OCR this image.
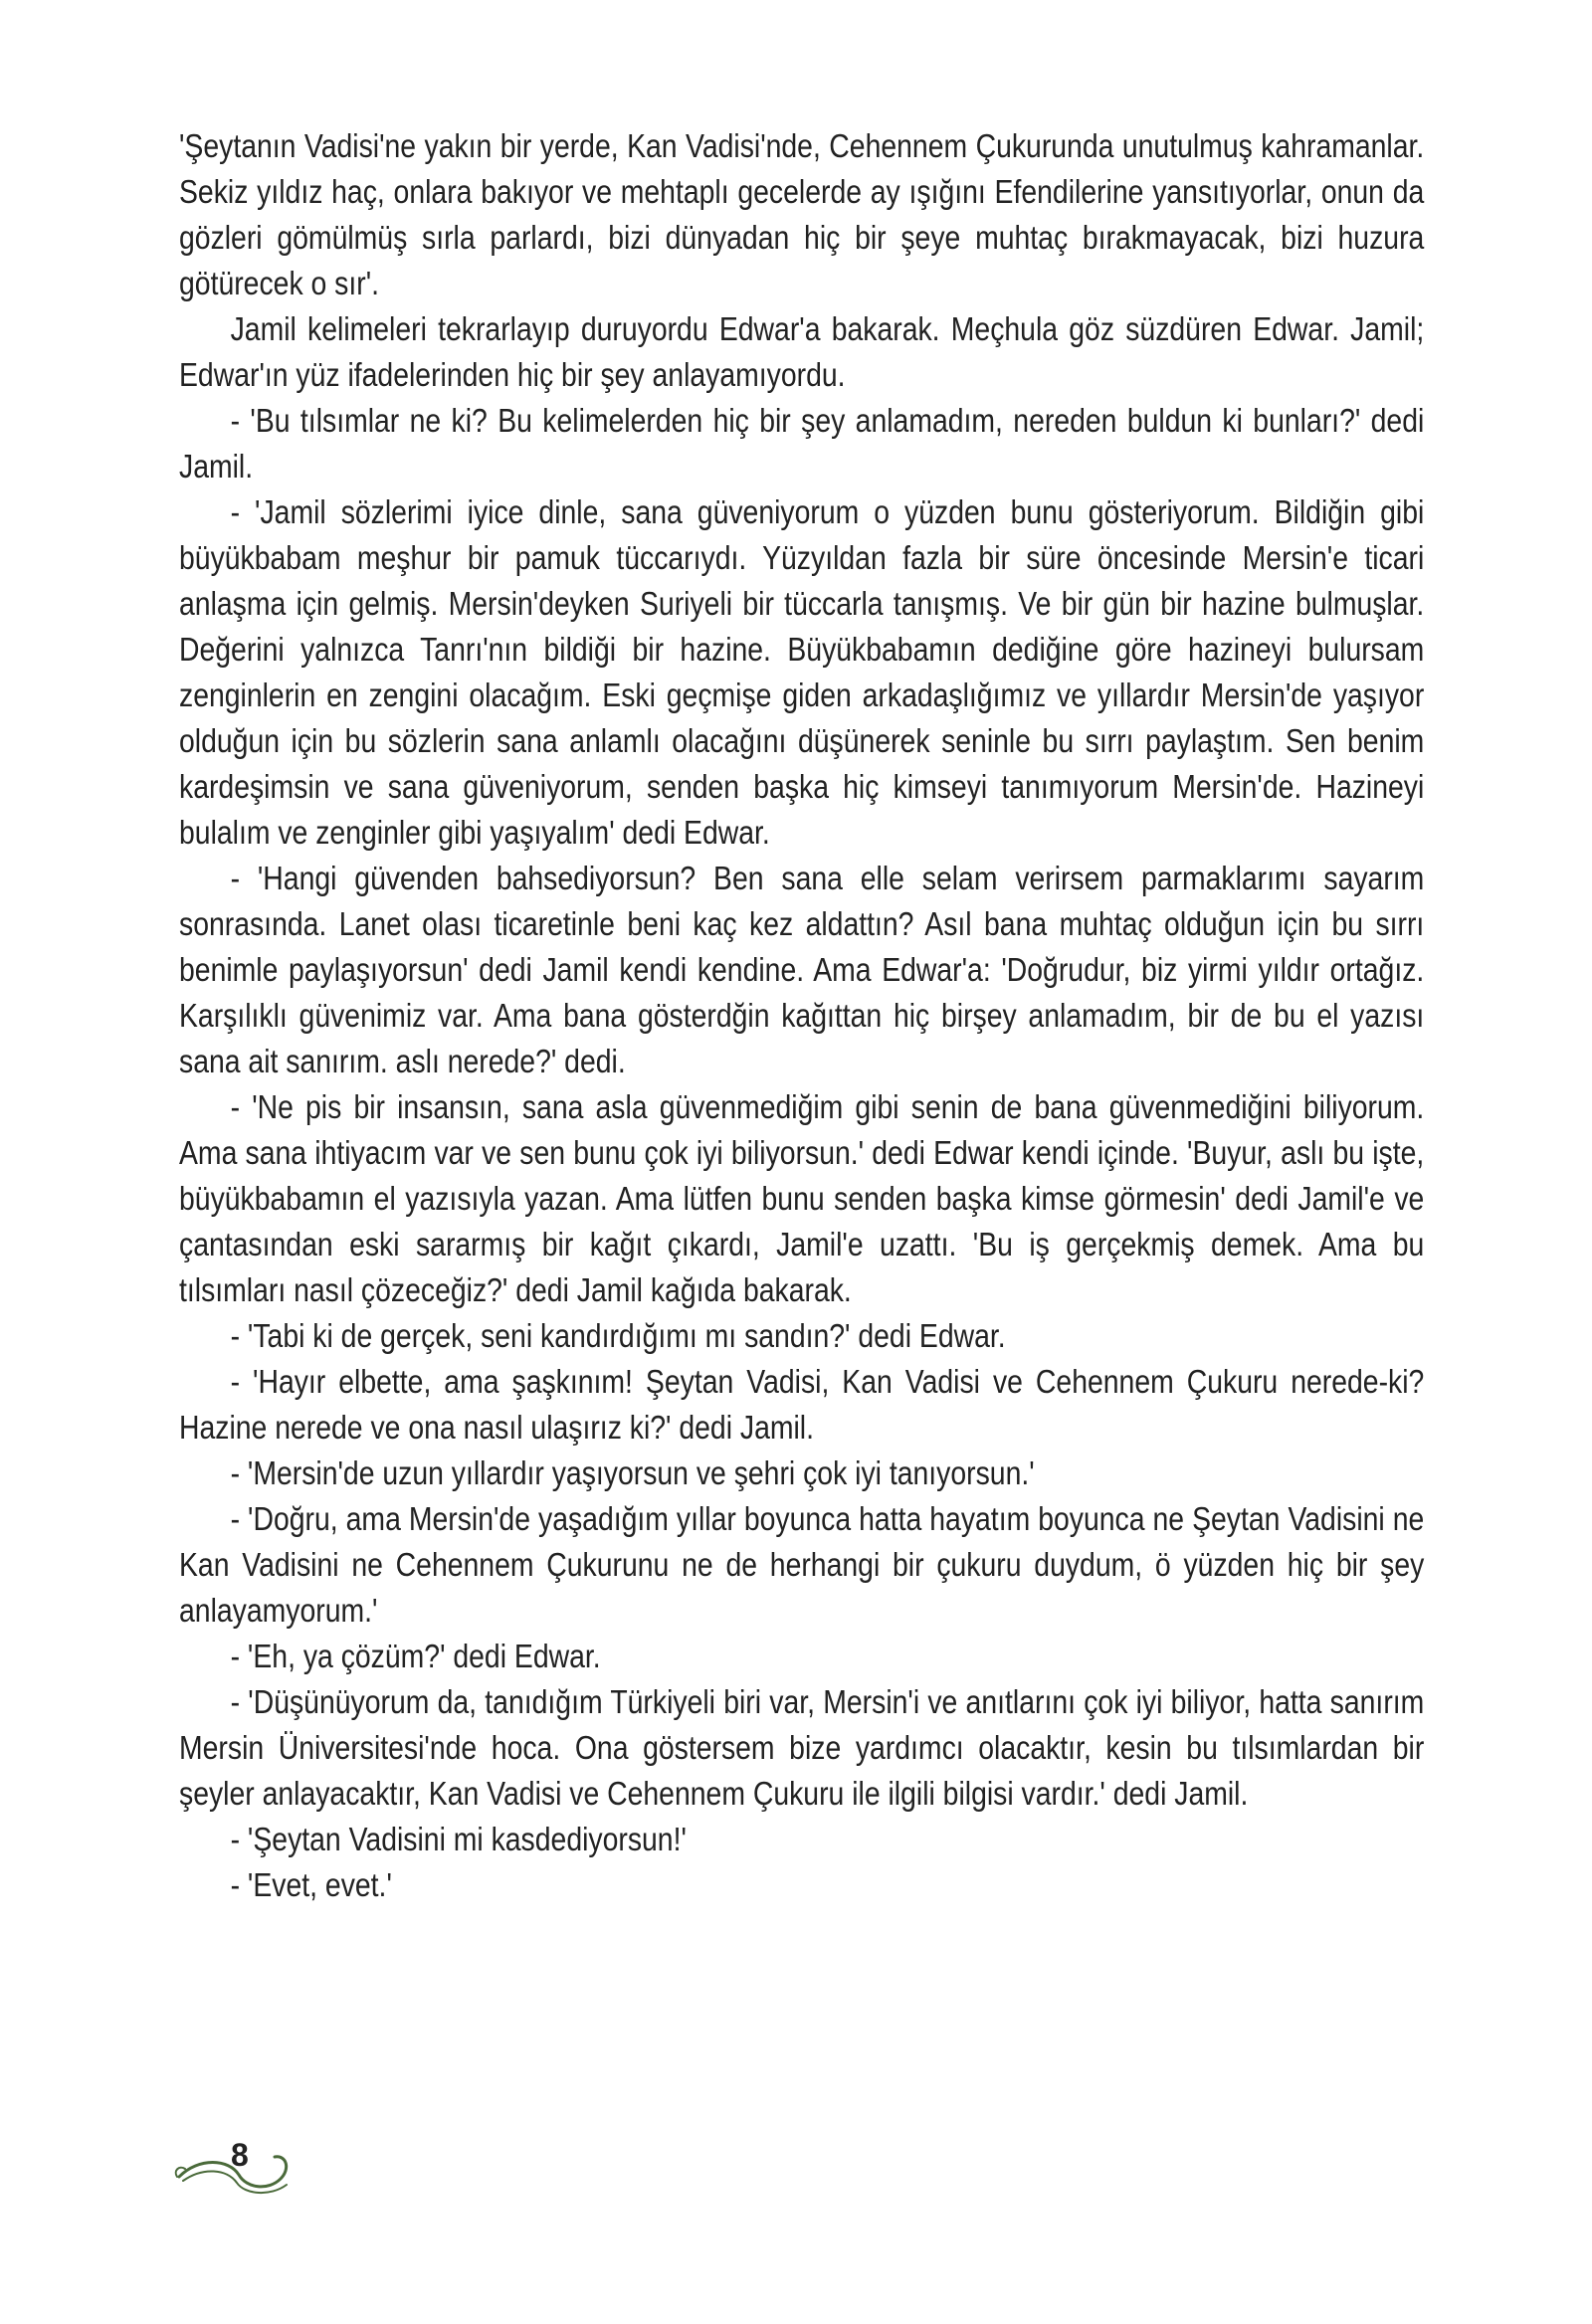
'Şeytanın Vadisi'ne yakın bir yerde, Kan Vadisi'nde, Cehennem Çukurunda unutulmuş kahramanlar. Sekiz yıldız haç, onlara bakıyor ve mehtaplı gecelerde ay ışığını Efendilerine yansıtıyorlar, onun da gözleri gömülmüş sırla parlardı, bizi dünyadan hiç bir şeye muhtaç bırakmayacak, bizi huzura götürecek o sır'.

Jamil kelimeleri tekrarlayıp duruyordu Edwar'a bakarak. Meçhula göz süzdüren Edwar. Jamil; Edwar'ın yüz ifadelerinden hiç bir şey anlayamıyordu.

- 'Bu tılsımlar ne ki? Bu kelimelerden hiç bir şey anlamadım, nereden buldun ki bunları?' dedi Jamil.

- 'Jamil sözlerimi iyice dinle, sana güveniyorum o yüzden bunu gösteriyorum. Bildiğin gibi büyükbabam meşhur bir pamuk tüccarıydı. Yüzyıldan fazla bir süre öncesinde Mersin'e ticari anlaşma için gelmiş. Mersin'deyken Suriyeli bir tüccarla tanışmış. Ve bir gün bir hazine bulmuşlar. Değerini yalnızca Tanrı'nın bildiği bir hazine. Büyükbabamın dediğine göre hazineyi bulursam zenginlerin en zengini olacağım. Eski geçmişe giden arkadaşlığımız ve yıllardır Mersin'de yaşıyor olduğun için bu sözlerin sana anlamlı olacağını düşünerek seninle bu sırrı paylaştım. Sen benim kardeşimsin ve sana güveniyorum, senden başka hiç kimseyi tanımıyorum Mersin'de. Hazineyi bulalım ve zenginler gibi yaşıyalım' dedi Edwar.

- 'Hangi güvenden bahsediyorsun? Ben sana elle selam verirsem parmaklarımı sayarım sonrasında. Lanet olası ticaretinle beni kaç kez aldattın? Asıl bana muhtaç olduğun için bu sırrı benimle paylaşıyorsun' dedi Jamil kendi kendine. Ama Edwar'a: 'Doğrudur, biz yirmi yıldır ortağız. Karşılıklı güvenimiz var. Ama bana gösterdğin kağıttan hiç birşey anlamadım, bir de bu el yazısı sana ait sanırım. aslı nerede?' dedi.

- 'Ne pis bir insansın, sana asla güvenmediğim gibi senin de bana güvenmediğini biliyorum. Ama sana ihtiyacım var ve sen bunu çok iyi biliyorsun.' dedi Edwar kendi içinde. 'Buyur, aslı bu işte, büyükbabamın el yazısıyla yazan. Ama lütfen bunu senden başka kimse görmesin' dedi Jamil'e ve çantasından eski sararmış bir kağıt çıkardı, Jamil'e uzattı. 'Bu iş gerçekmiş demek. Ama bu tılsımları nasıl çözeceğiz?' dedi Jamil kağıda bakarak.

- 'Tabi ki de gerçek, seni kandırdığımı mı sandın?' dedi Edwar.

- 'Hayır elbette, ama şaşkınım! Şeytan Vadisi, Kan Vadisi ve Cehennem Çukuru nerede-ki? Hazine nerede ve ona nasıl ulaşırız ki?' dedi Jamil.

- 'Mersin'de uzun yıllardır yaşıyorsun ve şehri çok iyi tanıyorsun.'

- 'Doğru, ama Mersin'de yaşadığım yıllar boyunca hatta hayatım boyunca ne Şeytan Vadisini ne Kan Vadisini ne Cehennem Çukurunu ne de herhangi bir çukuru duydum, ö yüzden hiç bir şey anlayamyorum.'

- 'Eh, ya çözüm?' dedi Edwar.

- 'Düşünüyorum da, tanıdığım Türkiyeli biri var, Mersin'i ve anıtlarını çok iyi biliyor, hatta sanırım Mersin Üniversitesi'nde hoca. Ona göstersem bize yardımcı olacaktır, kesin bu tılsımlardan bir şeyler anlayacaktır, Kan Vadisi ve Cehennem Çukuru ile ilgili bilgisi vardır.' dedi Jamil.

- 'Şeytan Vadisini mi kasdediyorsun!'

- 'Evet, evet.'

8
